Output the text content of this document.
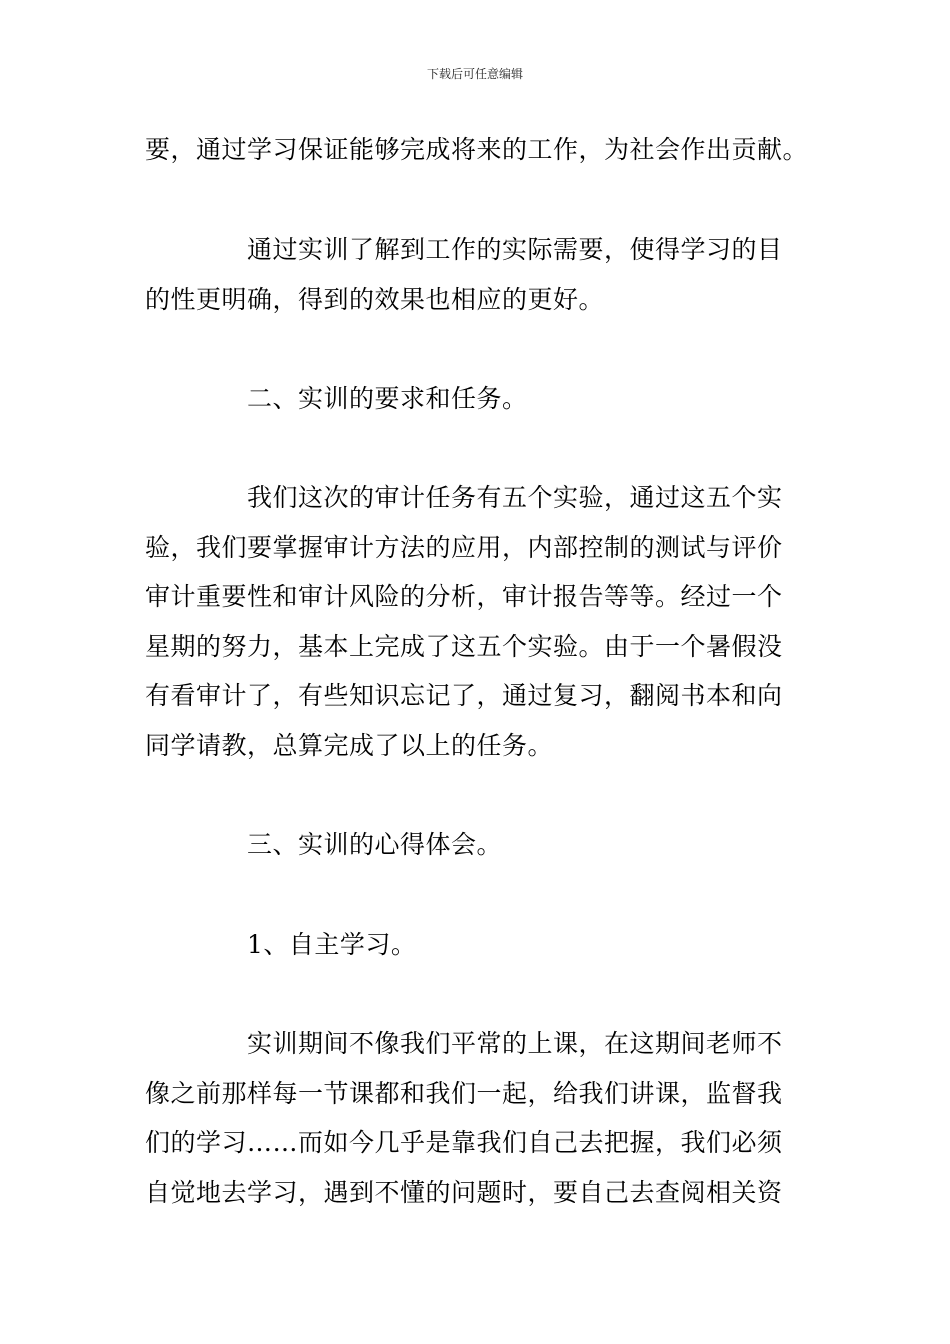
下载后可任意编辑
要，通过学习保证能够完成将来的工作，为社会作出贡献。
通过实训了解到工作的实际需要，使得学习的目
的性更明确，得到的效果也相应的更好。
二、实训的要求和任务。
我们这次的审计任务有五个实验，通过这五个实
验，我们要掌握审计方法的应用，内部控制的测试与评价
审计重要性和审计风险的分析，审计报告等等。经过一个
星期的努力，基本上完成了这五个实验。由于一个暑假没
有看审计了，有些知识忘记了，通过复习，翻阅书本和向
同学请教，总算完成了以上的任务。
三、实训的心得体会。
1、自主学习。
实训期间不像我们平常的上课，在这期间老师不
像之前那样每一节课都和我们一起，给我们讲课，监督我
们的学习……而如今几乎是靠我们自己去把握，我们必须
自觉地去学习，遇到不懂的问题时，要自己去查阅相关资
